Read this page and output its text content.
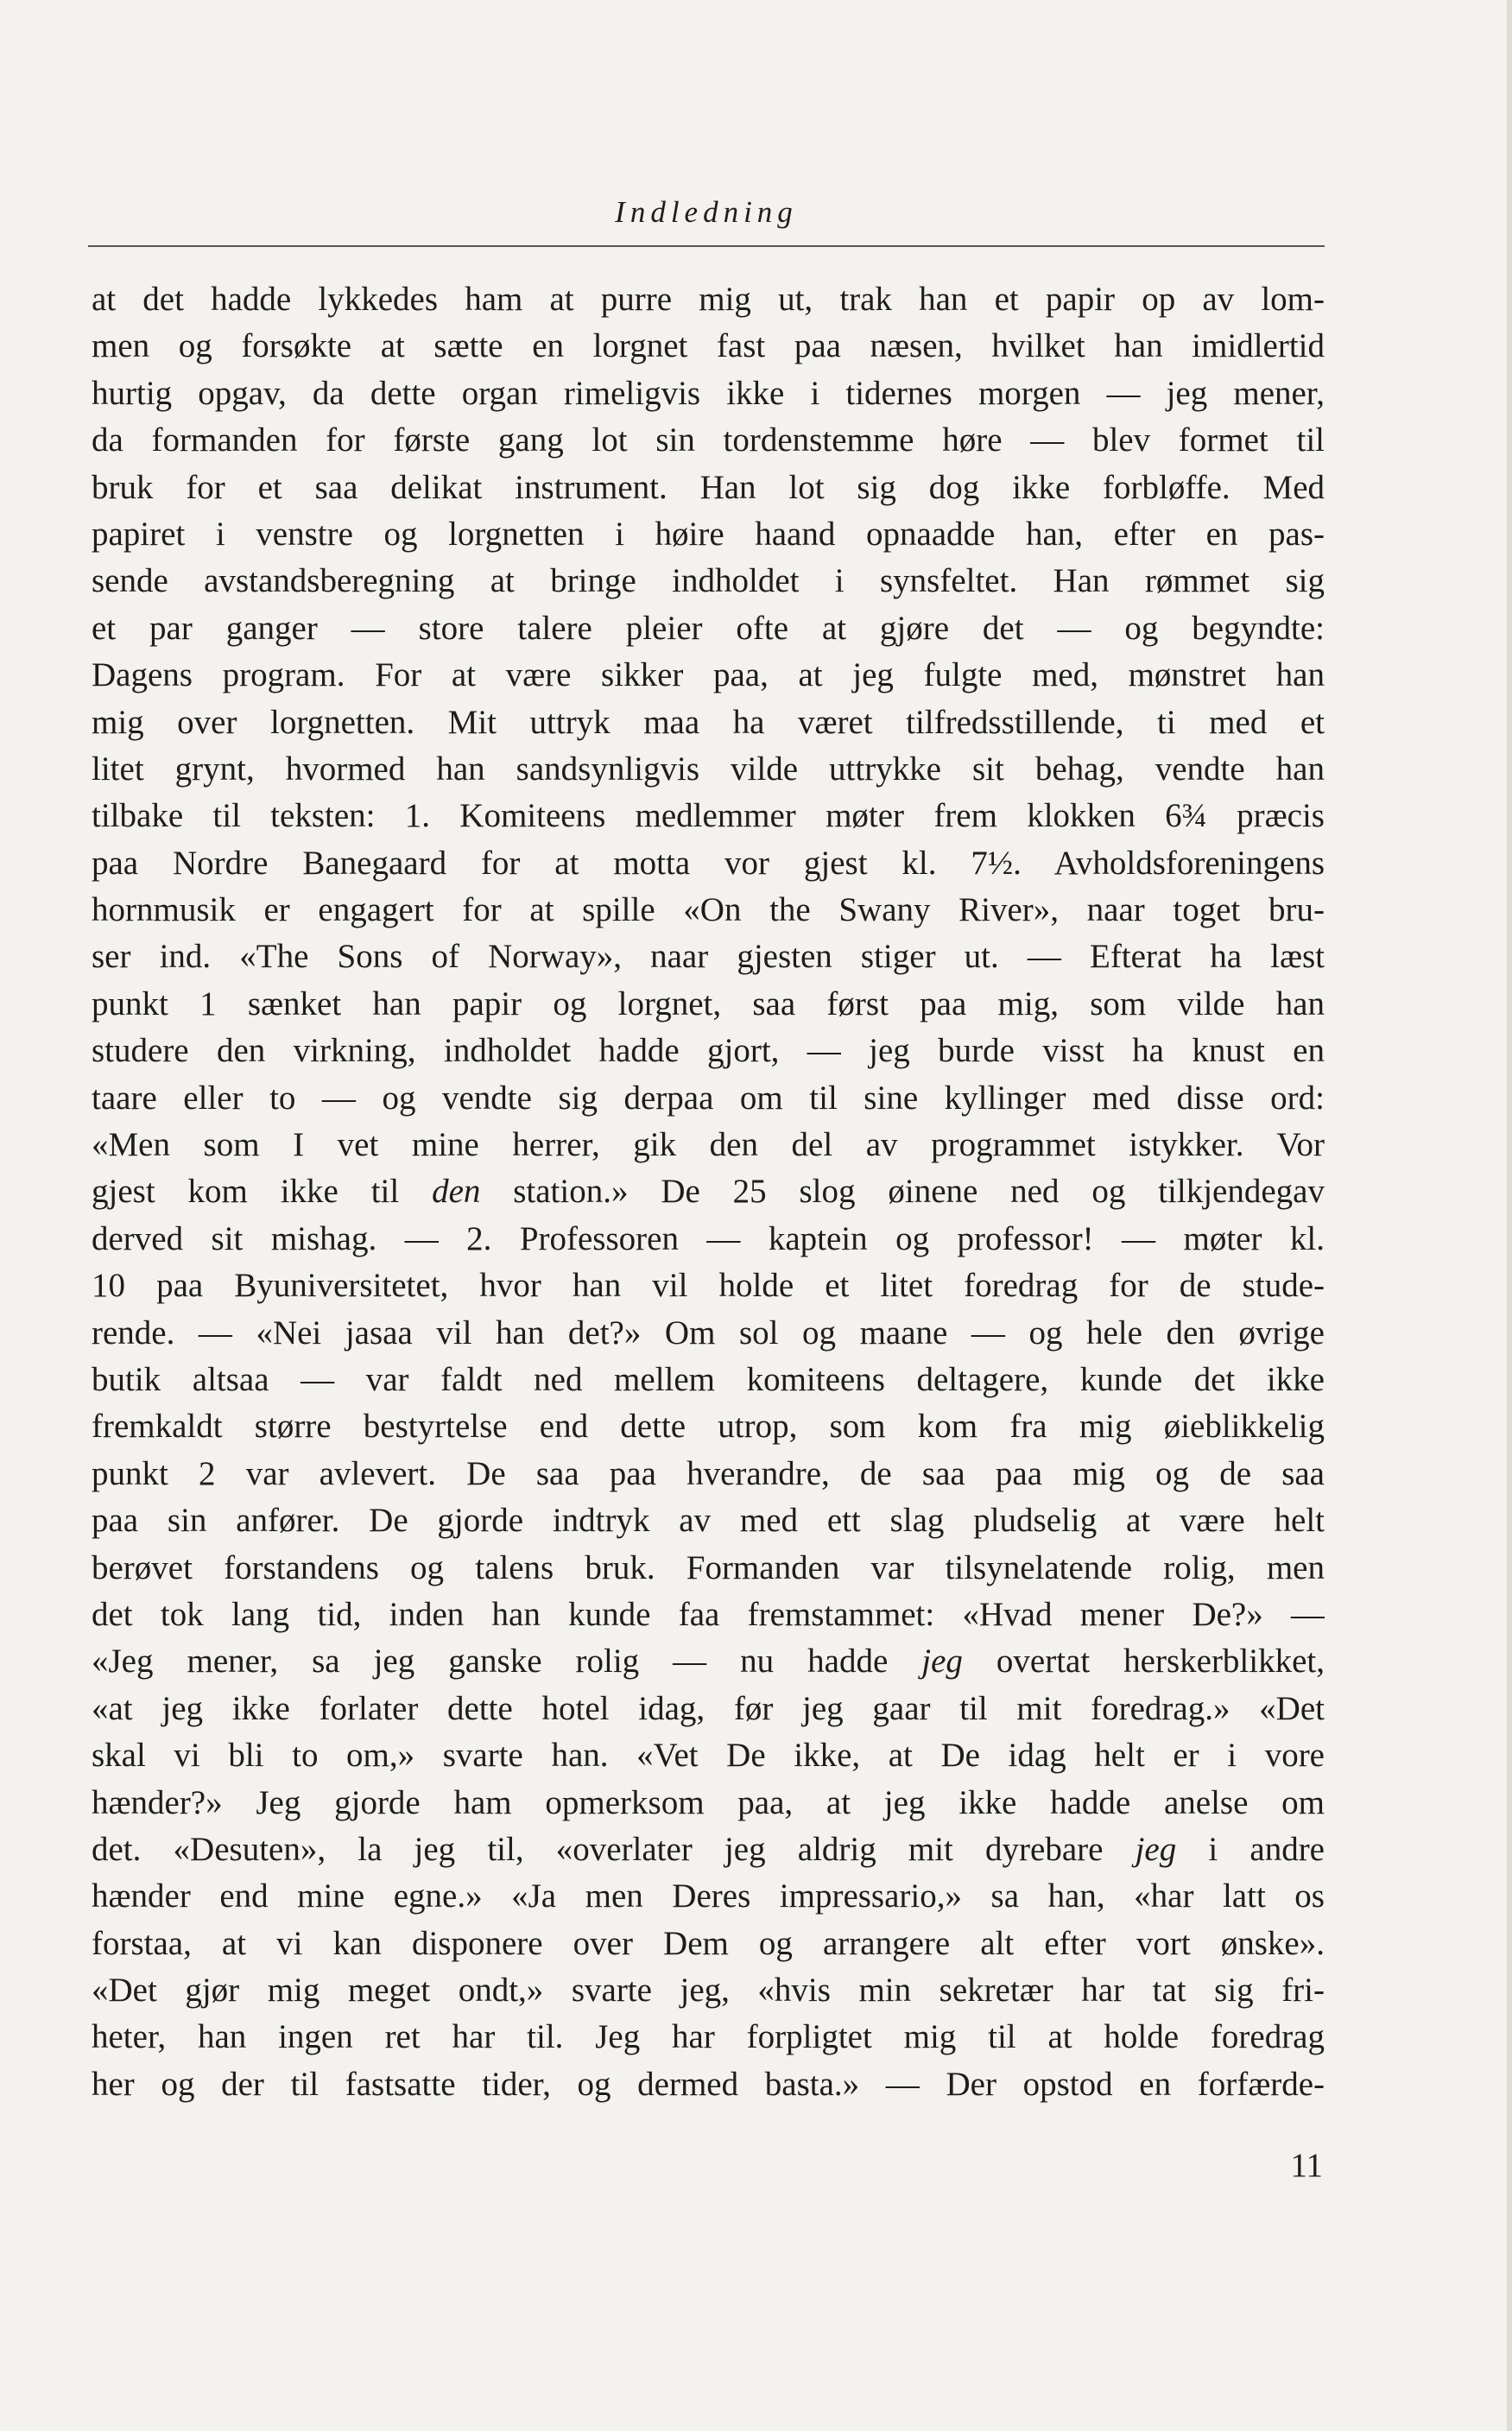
Indledning
at det hadde lykkedes ham at purre mig ut, trak han et papir op av lom-
men og forsøkte at sætte en lorgnet fast paa næsen, hvilket han imidlertid
hurtig opgav, da dette organ rimeligvis ikke i tidernes morgen — jeg mener,
da formanden for første gang lot sin tordenstemme høre — blev formet til
bruk for et saa delikat instrument. Han lot sig dog ikke forbløffe. Med
papiret i venstre og lorgnetten i høire haand opnaadde han, efter en pas-
sende avstandsberegning at bringe indholdet i synsfeltet. Han rømmet sig
et par ganger — store talere pleier ofte at gjøre det — og begyndte:
Dagens program. For at være sikker paa, at jeg fulgte med, mønstret han
mig over lorgnetten. Mit uttryk maa ha været tilfredsstillende, ti med et
litet grynt, hvormed han sandsynligvis vilde uttrykke sit behag, vendte han
tilbake til teksten: 1. Komiteens medlemmer møter frem klokken 6¾ præcis
paa Nordre Banegaard for at motta vor gjest kl. 7½. Avholdsforeningens
hornmusik er engagert for at spille «On the Swany River», naar toget bru-
ser ind. «The Sons of Norway», naar gjesten stiger ut. — Efterat ha læst
punkt 1 sænket han papir og lorgnet, saa først paa mig, som vilde han
studere den virkning, indholdet hadde gjort, — jeg burde visst ha knust en
taare eller to — og vendte sig derpaa om til sine kyllinger med disse ord:
«Men som I vet mine herrer, gik den del av programmet istykker. Vor
gjest kom ikke til den station.» De 25 slog øinene ned og tilkjendegav
derved sit mishag. — 2. Professoren — kaptein og professor! — møter kl.
10 paa Byuniversitetet, hvor han vil holde et litet foredrag for de stude-
rende. — «Nei jasaa vil han det?» Om sol og maane — og hele den øvrige
butik altsaa — var faldt ned mellem komiteens deltagere, kunde det ikke
fremkaldt større bestyrtelse end dette utrop, som kom fra mig øieblikkelig
punkt 2 var avlevert. De saa paa hverandre, de saa paa mig og de saa
paa sin anfører. De gjorde indtryk av med ett slag pludselig at være helt
berøvet forstandens og talens bruk. Formanden var tilsynelatende rolig, men
det tok lang tid, inden han kunde faa fremstammet: «Hvad mener De?» —
«Jeg mener, sa jeg ganske rolig — nu hadde jeg overtat herskerblikket,
«at jeg ikke forlater dette hotel idag, før jeg gaar til mit foredrag.» «Det
skal vi bli to om,» svarte han. «Vet De ikke, at De idag helt er i vore
hænder?» Jeg gjorde ham opmerksom paa, at jeg ikke hadde anelse om
det. «Desuten», la jeg til, «overlater jeg aldrig mit dyrebare jeg i andre
hænder end mine egne.» «Ja men Deres impressario,» sa han, «har latt os
forstaa, at vi kan disponere over Dem og arrangere alt efter vort ønske».
«Det gjør mig meget ondt,» svarte jeg, «hvis min sekretær har tat sig fri-
heter, han ingen ret har til. Jeg har forpligtet mig til at holde foredrag
her og der til fastsatte tider, og dermed basta.» — Der opstod en forfærde-
11
